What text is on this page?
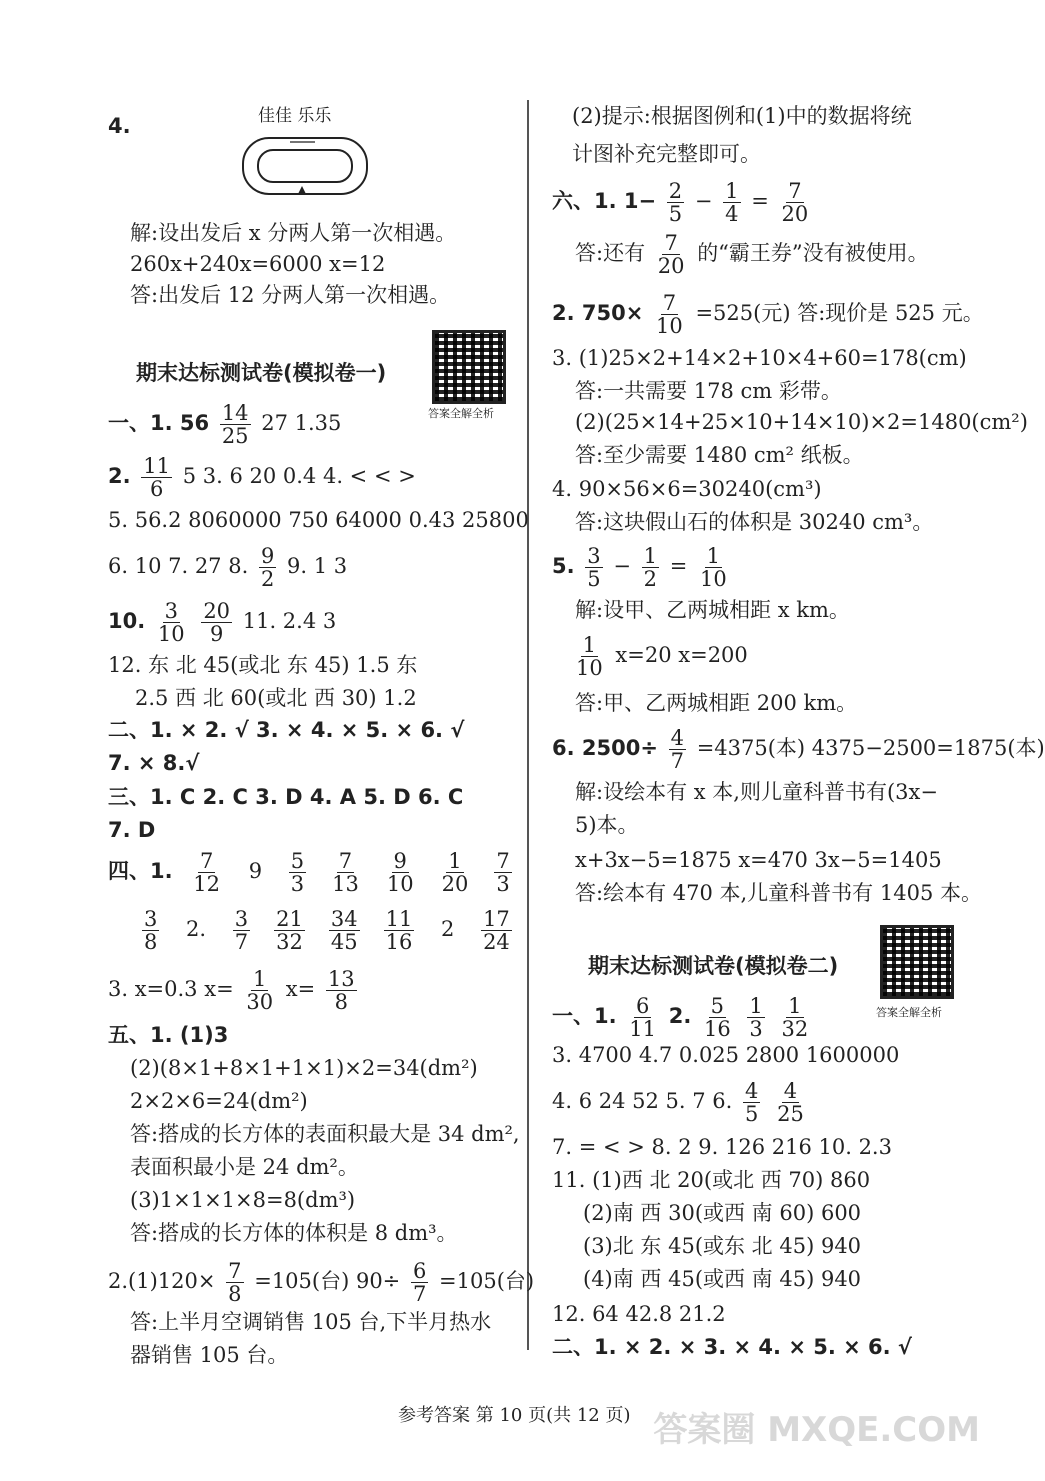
4.	佳佳 乐乐
解:设出发后 x 分两人第一次相遇。
260x+240x=6000 x=12
答:出发后 12 分两人第一次相遇。
期末达标测试卷(模拟卷一)
答案全解全析
一、1. $56 \frac{14}{25} 27$ 1.35
2. $\frac{11}{6} 5$ 3. 6 20 0.4 4. < < >
5. 56.2 8060000 750 64000 0.43 25800
6. 10 7. 27 8. $\frac{9}{2} 9$. 1 3
10. $\frac{3}{10}$
$\frac{20}{9} 11$. 2.4 3
12. 东 北 45(或北 东 45) 1.5 东
2.5 西 北 60(或北 西 30) 1.2
二、1. × 2. √ 3. × 4. × 5. × 6. √
7. × 8.√
三、1. C 2. C 3. D 4. A 5. D 6. C
7. D
四、1. $\frac{7}{12} 9 \frac{5}{3} \frac{7}{13} \frac{9}{10} \frac{1}{20} \frac{7}{3}$
$\frac{3}{8} 2$. $\frac{3}{7} \frac{21}{32} \frac{34}{45} \frac{11}{16} 2 \frac{17}{24}$
3. x=0.3 $x= \frac{1}{30} x= \frac{13}{8}$
五、1. (1)3
(2)(8×1+8×1+1×1)×2=34(dm²)
2×2×6=24(dm²)
答:搭成的长方体的表面积最大是 34 dm²,
表面积最小是 24 dm²。
(3)1×1×1×8=8(dm³)
答:搭成的长方体的体积是 8 dm³。
$2.(1)120\times \frac{7}{8} =105$(台) $90\div \frac{6}{7} =105$(台)
答:上半月空调销售 105 台,下半月热水
器销售 105 台。
(2)提示:根据图例和(1)中的数据将统
计图补充完整即可。
六、1. $1- \frac{2}{5} - \frac{1}{4} = \frac{7}{20}$
答:还有 $\frac{7}{20}$ 的“霸王券”没有被使用。
2. $750\times \frac{7}{10} =525$(元) 答:现价是 525 元。
3. (1)25×2+14×2+10×4+60=178(cm)
答:一共需要 178 cm 彩带。
(2)(25×14+25×10+14×10)×2=1480(cm²)
答:至少需要 1480 cm² 纸板。
4. 90×56×6=30240(cm³)
答:这块假山石的体积是 30240 cm³。
5. $\frac{3}{5} - \frac{1}{2} = \frac{1}{10}$
解:设甲、乙两城相距 x km。
$\frac{1}{10} x=20$ x=200
答:甲、乙两城相距 200 km。
6. $2500\div \frac{4}{7} =4375$(本) 4375−2500=1875(本)
解:设绘本有 x 本,则儿童科普书有(3x−
5)本。
x+3x−5=1875 x=470 3x−5=1405
答:绘本有 470 本,儿童科普书有 1405 本。
期末达标测试卷(模拟卷二)
答案全解全析
一、1. $\frac{6}{11} 2$. $\frac{5}{16}$
$\frac{1}{3}$
$\frac{1}{32}$
3. 4700 4.7 0.025 2800 1600000
4. 6 24 52 5. 7 6. $\frac{4}{5}$
$\frac{4}{25}$
7. = < > 8. 2 9. 126 216 10. 2.3
11. (1)西 北 20(或北 西 70) 860
(2)南 西 30(或西 南 60) 600
(3)北 东 45(或东 北 45) 940
(4)南 西 45(或西 南 45) 940
12. 64 42.8 21.2
二、1. × 2. × 3. × 4. × 5. × 6. √
参考答案 第 10 页(共 12 页) 答案圈 MXQE.COM
